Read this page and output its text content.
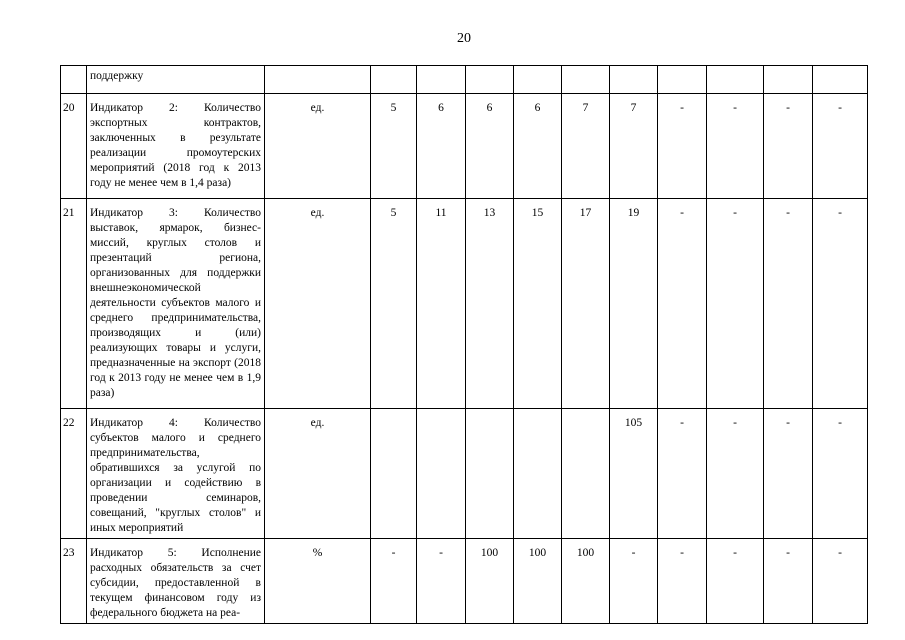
20

	поддержку											

20	Индикатор 2: Количество экспортных контрактов, заключенных в результате реализации промоутерских мероприятий (2018 год к 2013 году не менее чем в 1,4 раза)	ед.	5	6	6	6	7	7	-	-	-	-

21	Индикатор 3: Количество выставок, ярмарок, бизнес-миссий, круглых столов и презентаций региона, организованных для поддержки внешнеэкономической деятельности субъектов малого и среднего предпринимательства, производящих и (или) реализующих товары и услуги, предназначенные на экспорт (2018 год к 2013 году не менее чем в 1,9 раза)	ед.	5	11	13	15	17	19	-	-	-	-

22	Индикатор 4: Количество субъектов малого и среднего предпринимательства, обратившихся за услугой по организации и содействию в проведении семинаров, совещаний, "круглых столов" и иных мероприятий	ед.						105	-	-	-	-

23	Индикатор 5: Исполнение расходных обязательств за счет субсидии, предоставленной в текущем финансовом году из федерального бюджета на реа-	%	-	-	100	100	100	-	-	-	-	-
